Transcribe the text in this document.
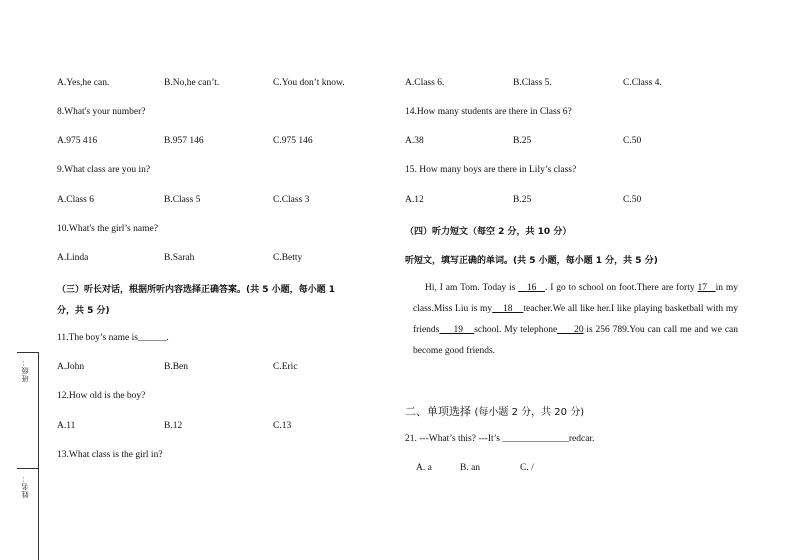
班级：
姓名：
A.Yes,he can.	B.No,he can’t.	C.You don’t know.
8.What's your number?
A.975 416	B.957 146	C.975 146
9.What class are you in?
A.Class 6	B.Class 5	C.Class 3
10.What's the girl’s name?
A.Linda	B.Sarah	C.Betty
（三）听长对话，根据所听内容选择正确答案。(共 5 小题，每小题 1
分，共 5 分)
11.The boy’s name is______.
A.John	B.Ben	C.Eric
12.How old is the boy?
A.11	B.12	C.13
13.What class is the girl in?
A.Class 6.	B.Class 5.	C.Class 4.
14.How many students are there in Class 6?
A.38	B.25	C.50
15. How many boys are there in Lily’s class?
A.12	B.25	C.50
（四）听力短文（每空 2 分，共 10 分）
听短文，填写正确的单词。(共 5 小题，每小题 1 分，共 5 分)
Hi, I am Tom. Today is    16 . I go to school on foot.There are forty 17 in my class.Miss Liu is my 18 teacher.We all like her.I like playing basketball with my friends 19 school. My telephone 20 is 256 789.You can call me and we can become good friends.
二、单项选择 (每小题 2 分，共 20 分)
21. ---What’s this? ---It’s ______________redcar.
A. a	B. an	C. /
